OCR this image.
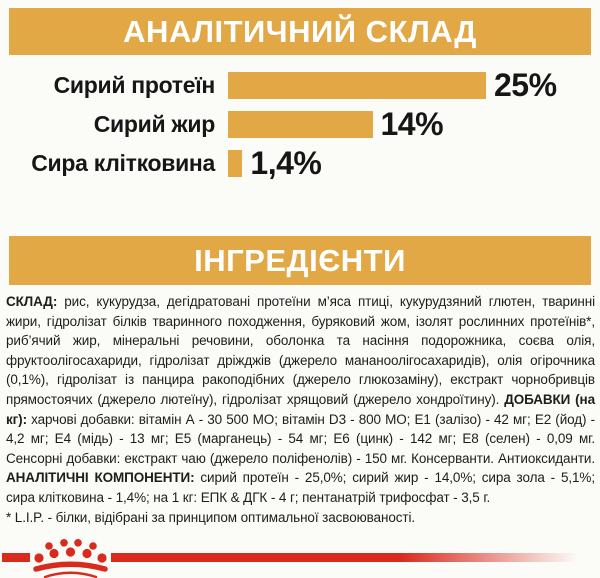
АНАЛІТИЧНИЙ СКЛАД
Сирий протеїн	25%
Сирий жир	14%
Сира клітковина 1,4%
ІНГРЕДІЄНТИ

СКЛАД: рис, кукурудза, дегідратовані протеїни м’яса птиці, кукурудзяний глютен, тваринні жири, гідролізат білків тваринного походження, буряковий жом, ізолят рослинних протеїнів*, риб’ячий жир, мінеральні речовини, оболонка та насіння подорожника, соєва олія, фруктоолігосахариди, гідролізат дріжджів (джерело мананоолігосахаридів), олія огірочника (0,1%), гідролізат із панцира ракоподібних (джерело глюкозаміну), екстракт чорнобривців прямостоячих (джерело лютеїну), гідролізат хрящовий (джерело хондроїтину). ДОБАВКИ (на кг): харчові добавки: вітамін А - 30 500 МО; вітамін D3 - 800 МО; Е1 (залізо) - 42 мг; Е2 (йод) - 4,2 мг; Е4 (мідь) - 13 мг; Е5 (марганець) - 54 мг; Е6 (цинк) - 142 мг; Е8 (селен) - 0,09 мг. Сенсорні добавки: екстракт чаю (джерело поліфенолів) - 150 мг. Консерванти. Антиоксиданти. АНАЛІТИЧНІ КОМПОНЕНТИ: сирий протеїн - 25,0%; сирий жир - 14,0%; сира зола - 5,1%; сира клітковина - 1,4%; на 1 кг: ЕПК & ДГК - 4 г; пентанатрій трифосфат - 3,5 г.

* L.I.P. - білки, відібрані за принципом оптимальної засвоюваності.
